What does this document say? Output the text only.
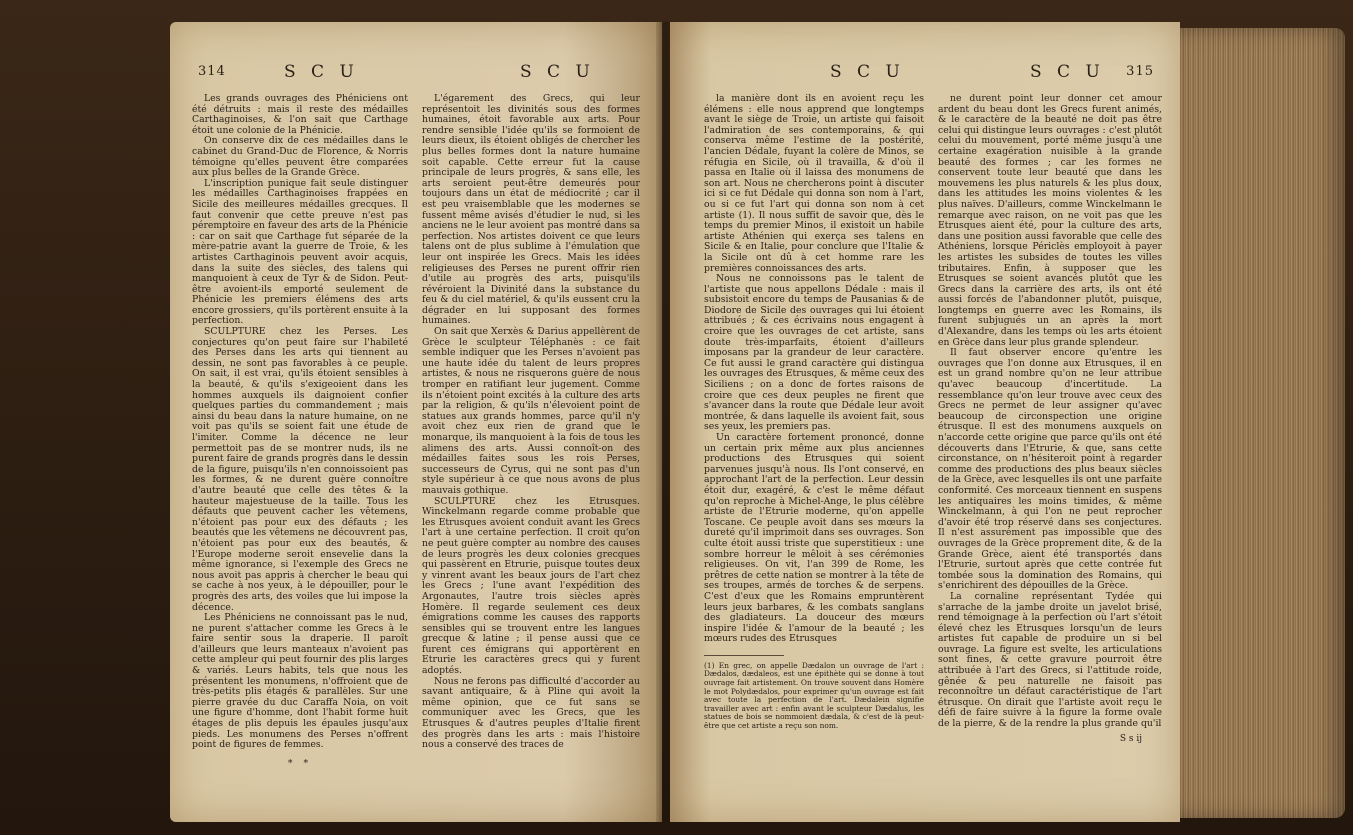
314	S C U	S C U

Les grands ouvrages des Phéniciens ont été détruits : mais il reste des médailles Carthaginoises, & l'on sait que Carthage étoit une colonie de la Phénicie.

On conserve dix de ces médailles dans le cabinet du Grand-Duc de Florence, & Norris témoigne qu'elles peuvent être comparées aux plus belles de la Grande Grèce.

L'inscription punique fait seule distinguer les médailles Carthaginoises frappées en Sicile des meilleures médailles grecques. Il faut convenir que cette preuve n'est pas péremptoire en faveur des arts de la Phénicie : car on sait que Carthage fut séparée de la mère-patrie avant la guerre de Troie, & les artistes Carthaginois peuvent avoir acquis, dans la suite des siècles, des talens qui manquoient à ceux de Tyr & de Sidon. Peut-être avoient-ils emporté seulement de Phénicie les premiers élémens des arts encore grossiers, qu'ils portèrent ensuite à la perfection.

SCULPTURE chez les Perses. Les conjectures qu'on peut faire sur l'habileté des Perses dans les arts qui tiennent au dessin, ne sont pas favorables à ce peuple. On sait, il est vrai, qu'ils étoient sensibles à la beauté, & qu'ils s'exigeoient dans les hommes auxquels ils daignoient confier quelques parties du commandement ; mais ainsi du beau dans la nature humaine, on ne voit pas qu'ils se soient fait une étude de l'imiter. Comme la décence ne leur permettoit pas de se montrer nuds, ils ne purent faire de grands progrès dans le dessin de la figure, puisqu'ils n'en connoissoient pas les formes, & ne durent guère connoître d'autre beauté que celle des têtes & la hauteur majestueuse de la taille. Tous les défauts que peuvent cacher les vêtemens, n'étoient pas pour eux des défauts ; les beautés que les vêtemens ne découvrent pas, n'étoient pas pour eux des beautés, & l'Europe moderne seroit ensevelie dans la même ignorance, si l'exemple des Grecs ne nous avoit pas appris à chercher le beau qui se cache à nos yeux, à le dépouiller, pour le progrès des arts, des voiles que lui impose la décence.

Les Phéniciens ne connoissant pas le nud, ne purent s'attacher comme les Grecs à le faire sentir sous la draperie. Il paroît d'ailleurs que leurs manteaux n'avoient pas cette ampleur qui peut fournir des plis larges & variés. Leurs habits, tels que nous les présentent les monumens, n'offroient que de très-petits plis étagés & parallèles. Sur une pierre gravée du duc Caraffa Noia, on voit une figure d'homme, dont l'habit forme huit étages de plis depuis les épaules jusqu'aux pieds. Les monumens des Perses n'offrent point de figures de femmes.

* *

L'égarement des Grecs, qui leur représentoit les divinités sous des formes humaines, étoit favorable aux arts. Pour rendre sensible l'idée qu'ils se formoient de leurs dieux, ils étoient obligés de chercher les plus belles formes dont la nature humaine soit capable. Cette erreur fut la cause principale de leurs progrès, & sans elle, les arts seroient peut-être demeurés pour toujours dans un état de médiocrité ; car il est peu vraisemblable que les modernes se fussent même avisés d'étudier le nud, si les anciens ne le leur avoient pas montré dans sa perfection. Nos artistes doivent ce que leurs talens ont de plus sublime à l'émulation que leur ont inspirée les Grecs. Mais les idées religieuses des Perses ne purent offrir rien d'utile au progrès des arts, puisqu'ils révéroient la Divinité dans la substance du feu & du ciel matériel, & qu'ils eussent cru la dégrader en lui supposant des formes humaines.

On sait que Xerxès & Darius appellèrent de Grèce le sculpteur Téléphanès : ce fait semble indiquer que les Perses n'avoient pas une haute idée du talent de leurs propres artistes, & nous ne risquerons guère de nous tromper en ratifiant leur jugement. Comme ils n'étoient point excités à la culture des arts par la religion, & qu'ils n'élevoient point de statues aux grands hommes, parce qu'il n'y avoit chez eux rien de grand que le monarque, ils manquoient à la fois de tous les alimens des arts. Aussi connoît-on des médailles faites sous les rois Perses, successeurs de Cyrus, qui ne sont pas d'un style supérieur à ce que nous avons de plus mauvais gothique.

SCULPTURE chez les Etrusques. Winckelmann regarde comme probable que les Etrusques avoient conduit avant les Grecs l'art à une certaine perfection. Il croit qu'on ne peut guère compter au nombre des causes de leurs progrès les deux colonies grecques qui passèrent en Etrurie, puisque toutes deux y vinrent avant les beaux jours de l'art chez les Grecs ; l'une avant l'expédition des Argonautes, l'autre trois siècles après Homère. Il regarde seulement ces deux émigrations comme les causes des rapports sensibles qui se trouvent entre les langues grecque & latine ; il pense aussi que ce furent ces émigrans qui apportèrent en Etrurie les caractères grecs qui y furent adoptés.

Nous ne ferons pas difficulté d'accorder au savant antiquaire, & à Pline qui avoit la même opinion, que ce fut sans se communiquer avec les Grecs, que les Etrusques & d'autres peuples d'Italie firent des progrès dans les arts : mais l'histoire nous a conservé des traces de

S C U	S C U 315

la manière dont ils en avoient reçu les élémens : elle nous apprend que longtemps avant le siège de Troie, un artiste qui faisoit l'admiration de ses contemporains, & qui conserva même l'estime de la postérité, l'ancien Dédale, fuyant la colère de Minos, se réfugia en Sicile, où il travailla, & d'où il passa en Italie où il laissa des monumens de son art. Nous ne chercherons point à discuter ici si ce fut Dédale qui donna son nom à l'art, ou si ce fut l'art qui donna son nom à cet artiste (1). Il nous suffit de savoir que, dès le temps du premier Minos, il existoit un habile artiste Athénien qui exerça ses talens en Sicile & en Italie, pour conclure que l'Italie & la Sicile ont dû à cet homme rare les premières connoissances des arts.

Nous ne connoissons pas le talent de l'artiste que nous appellons Dédale : mais il subsistoit encore du temps de Pausanias & de Diodore de Sicile des ouvrages qui lui étoient attribués ; & ces écrivains nous engagent à croire que les ouvrages de cet artiste, sans doute très-imparfaits, étoient d'ailleurs imposans par la grandeur de leur caractère. Ce fut aussi le grand caractère qui distingua les ouvrages des Etrusques, & même ceux des Siciliens ; on a donc de fortes raisons de croire que ces deux peuples ne firent que s'avancer dans la route que Dédale leur avoit montrée, & dans laquelle ils avoient fait, sous ses yeux, les premiers pas.

Un caractère fortement prononcé, donne un certain prix même aux plus anciennes productions des Etrusques qui soient parvenues jusqu'à nous. Ils l'ont conservé, en approchant l'art de la perfection. Leur dessin étoit dur, exagéré, & c'est le même défaut qu'on reproche à Michel-Ange, le plus célèbre artiste de l'Etrurie moderne, qu'on appelle Toscane. Ce peuple avoit dans ses mœurs la dureté qu'il imprimoit dans ses ouvrages. Son culte étoit aussi triste que superstitieux : une sombre horreur le mêloit à ses cérémonies religieuses. On vit, l'an 399 de Rome, les prêtres de cette nation se montrer à la tête de ses troupes, armés de torches & de serpens. C'est d'eux que les Romains empruntèrent leurs jeux barbares, & les combats sanglans des gladiateurs. La douceur des mœurs inspire l'idée & l'amour de la beauté ; les mœurs rudes des Etrusques

(1) En grec, on appelle Dædalon un ouvrage de l'art : Dædalos, dædaleos, est une épithète qui se donne à tout ouvrage fait artistement. On trouve souvent dans Homère le mot Polydædalos, pour exprimer qu'un ouvrage est fait avec toute la perfection de l'art. Dædalein signifie travailler avec art : enfin avant le sculpteur Dædalus, les statues de bois se nommoient dædala, & c'est de là peut-être que cet artiste a reçu son nom.

ne durent point leur donner cet amour ardent du beau dont les Grecs furent animés, & le caractère de la beauté ne doit pas être celui qui distingue leurs ouvrages : c'est plutôt celui du mouvement, porté même jusqu'à une certaine exagération nuisible à la grande beauté des formes ; car les formes ne conservent toute leur beauté que dans les mouvemens les plus naturels & les plus doux, dans les attitudes les moins violentes & les plus naïves. D'ailleurs, comme Winckelmann le remarque avec raison, on ne voit pas que les Etrusques aient été, pour la culture des arts, dans une position aussi favorable que celle des Athéniens, lorsque Périclès employoit à payer les artistes les subsides de toutes les villes tributaires. Enfin, à supposer que les Etrusques se soient avancés plutôt que les Grecs dans la carrière des arts, ils ont été aussi forcés de l'abandonner plutôt, puisque, longtemps en guerre avec les Romains, ils furent subjugués un an après la mort d'Alexandre, dans les temps où les arts étoient en Grèce dans leur plus grande splendeur.

Il faut observer encore qu'entre les ouvrages que l'on donne aux Etrusques, il en est un grand nombre qu'on ne leur attribue qu'avec beaucoup d'incertitude. La ressemblance qu'on leur trouve avec ceux des Grecs ne permet de leur assigner qu'avec beaucoup de circonspection une origine étrusque. Il est des monumens auxquels on n'accorde cette origine que parce qu'ils ont été découverts dans l'Etrurie, & que, sans cette circonstance, on n'hésiteroit point à regarder comme des productions des plus beaux siècles de la Grèce, avec lesquelles ils ont une parfaite conformité. Ces morceaux tiennent en suspens les antiquaires les moins timides, & même Winckelmann, à qui l'on ne peut reprocher d'avoir été trop réservé dans ses conjectures. Il n'est assurément pas impossible que des ouvrages de la Grèce proprement dite, & de la Grande Grèce, aient été transportés dans l'Etrurie, surtout après que cette contrée fut tombée sous la domination des Romains, qui s'enrichirent des dépouilles de la Grèce.

La cornaline représentant Tydée qui s'arrache de la jambe droite un javelot brisé, rend témoignage à la perfection où l'art s'étoit élevé chez les Etrusques lorsqu'un de leurs artistes fut capable de produire un si bel ouvrage. La figure est svelte, les articulations sont fines, & cette gravure pourroit être attribuée à l'art des Grecs, si l'attitude roide, gênée & peu naturelle ne faisoit pas reconnoître un défaut caractéristique de l'art étrusque. On dirait que l'artiste avoit reçu le défi de faire suivre à la figure la forme ovale de la pierre, & de la rendre la plus grande qu'il

S s ij
